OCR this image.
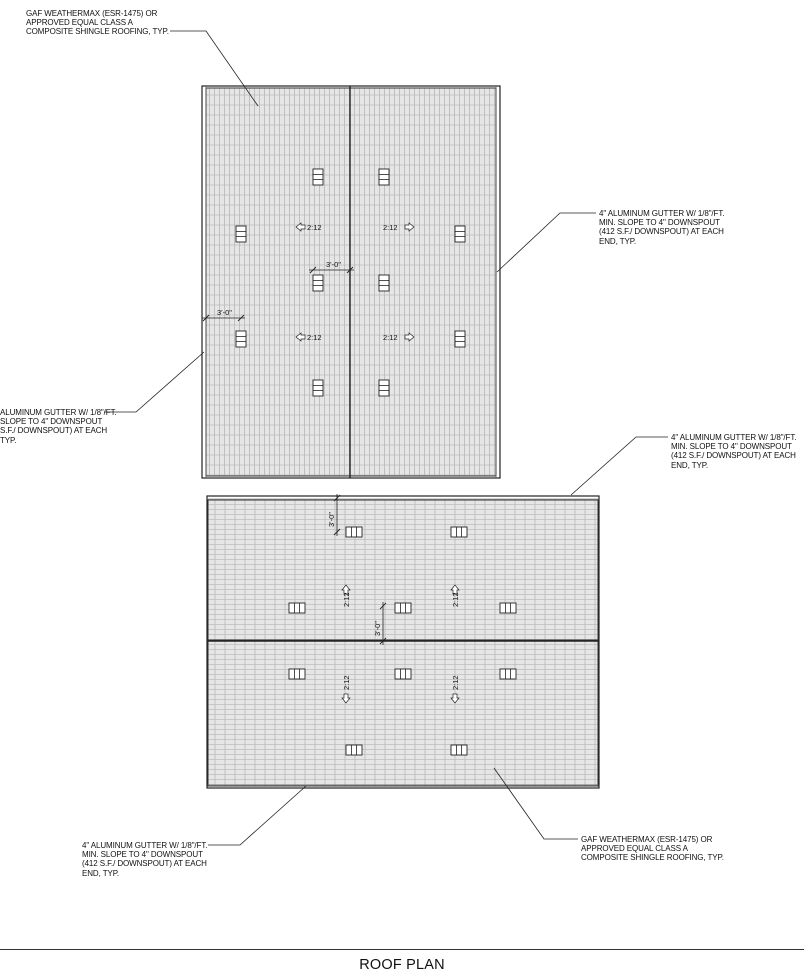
2:12	2:12
2:12	2:12
2:12	2:12
2:12	2:12
3'-0"
3'-0"
3'-0"
3'-0"
GAF WEATHERMAX (ESR-1475) OR
APPROVED EQUAL CLASS A
COMPOSITE SHINGLE ROOFING, TYP.
4" ALUMINUM GUTTER W/ 1/8"/FT.
MIN. SLOPE TO 4" DOWNSPOUT
(412 S.F./ DOWNSPOUT) AT EACH
END, TYP.
ALUMINUM GUTTER W/ 1/8"/FT.
SLOPE TO 4" DOWNSPOUT
S.F./ DOWNSPOUT) AT EACH
TYP.	4" ALUMINUM GUTTER W/ 1/8"/FT.
MIN. SLOPE TO 4" DOWNSPOUT
(412 S.F./ DOWNSPOUT) AT EACH
END, TYP.
4" ALUMINUM GUTTER W/ 1/8"/FT.
MIN. SLOPE TO 4" DOWNSPOUT
(412 S.F./ DOWNSPOUT) AT EACH
END, TYP.
GAF WEATHERMAX (ESR-1475) OR
APPROVED EQUAL CLASS A
COMPOSITE SHINGLE ROOFING, TYP.
ROOF PLAN
